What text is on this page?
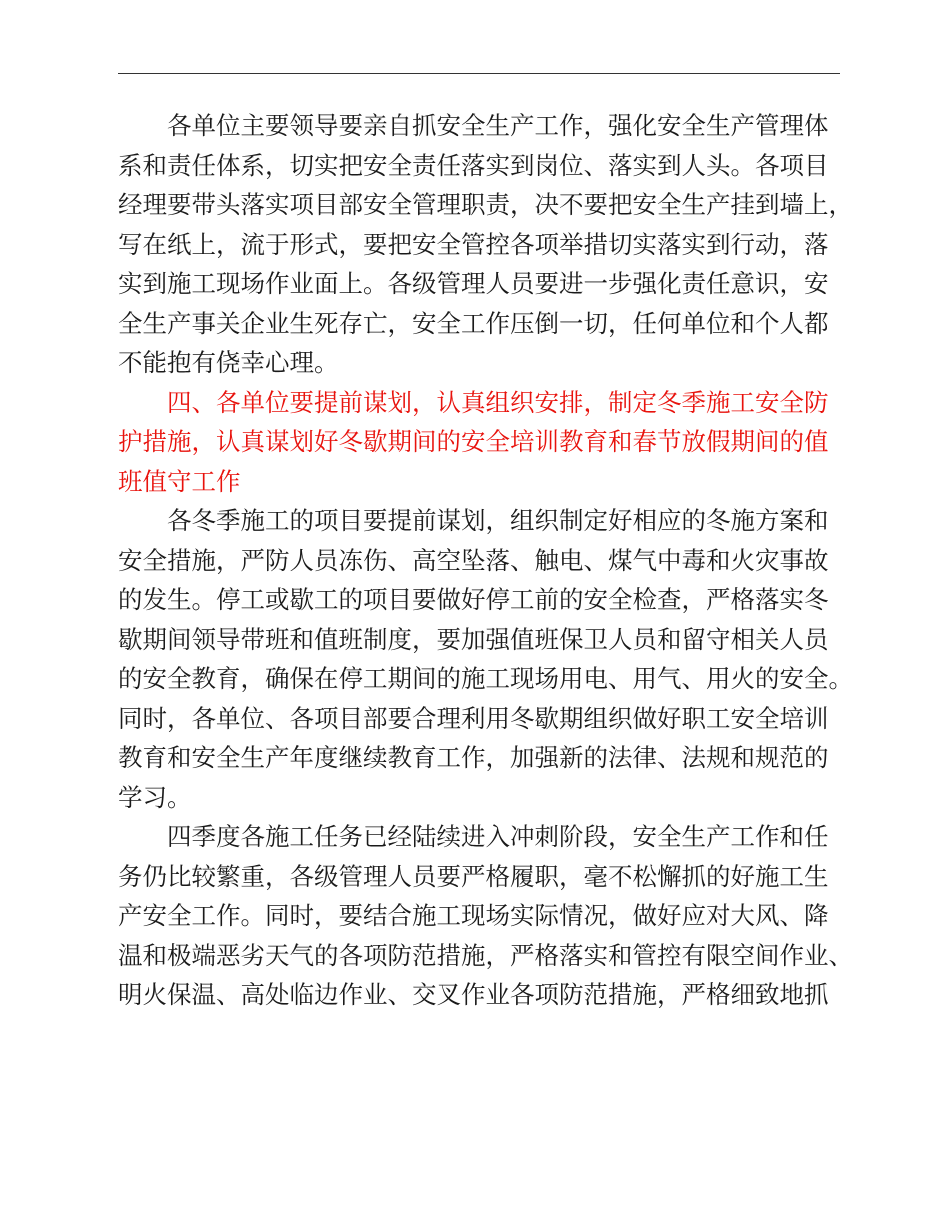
各单位主要领导要亲自抓安全生产工作，强化安全生产管理体
系和责任体系，切实把安全责任落实到岗位、落实到人头。各项目
经理要带头落实项目部安全管理职责，决不要把安全生产挂到墙上，
写在纸上，流于形式，要把安全管控各项举措切实落实到行动，落
实到施工现场作业面上。各级管理人员要进一步强化责任意识，安
全生产事关企业生死存亡，安全工作压倒一切，任何单位和个人都
不能抱有侥幸心理。
四、各单位要提前谋划，认真组织安排，制定冬季施工安全防
护措施，认真谋划好冬歇期间的安全培训教育和春节放假期间的值
班值守工作
各冬季施工的项目要提前谋划，组织制定好相应的冬施方案和
安全措施，严防人员冻伤、高空坠落、触电、煤气中毒和火灾事故
的发生。停工或歇工的项目要做好停工前的安全检查，严格落实冬
歇期间领导带班和值班制度，要加强值班保卫人员和留守相关人员
的安全教育，确保在停工期间的施工现场用电、用气、用火的安全。
同时，各单位、各项目部要合理利用冬歇期组织做好职工安全培训
教育和安全生产年度继续教育工作，加强新的法律、法规和规范的
学习。
四季度各施工任务已经陆续进入冲刺阶段，安全生产工作和任
务仍比较繁重，各级管理人员要严格履职，毫不松懈抓的好施工生
产安全工作。同时，要结合施工现场实际情况，做好应对大风、降
温和极端恶劣天气的各项防范措施，严格落实和管控有限空间作业、
明火保温、高处临边作业、交叉作业各项防范措施，严格细致地抓
